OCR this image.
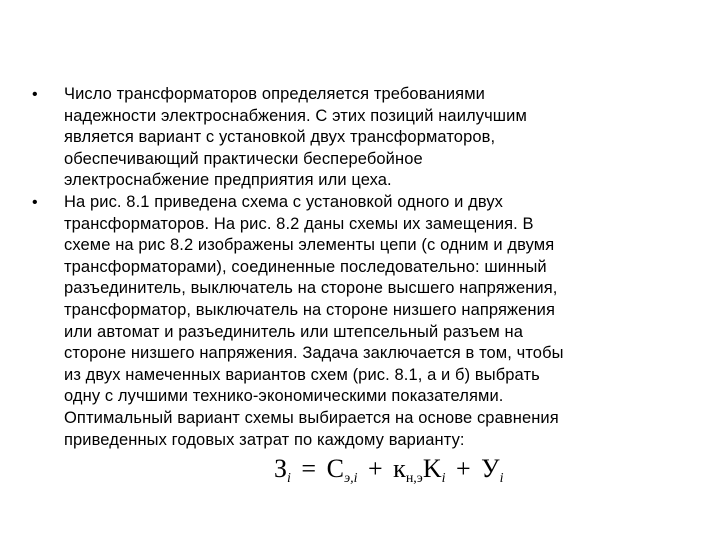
• Число трансформаторов определяется требованиями
надежности электроснабжения. С этих позиций наилучшим
является вариант с установкой двух трансформаторов,
обеспечивающий практически бесперебойное
электроснабжение предприятия или цеха.
• На рис. 8.1 приведена схема с установкой одного и двух
трансформаторов. На рис. 8.2 даны схемы их замещения. В
схеме на рис 8.2 изображены элементы цепи (с одним и двумя
трансформаторами), соединенные последовательно: шинный
разъединитель, выключатель на стороне высшего напряжения,
трансформатор, выключатель на стороне низшего напряжения
или автомат и разъединитель или штепсельный разъем на
стороне низшего напряжения. Задача заключается в том, чтобы
из двух намеченных вариантов схем (рис. 8.1, а и б) выбрать
одну с лучшими технико-экономическими показателями.
Оптимальный вариант схемы выбирается на основе сравнения
приведенных годовых затрат по каждому варианту:
$З_i = С_{э,i} + к_{н,э}K_i + У_i$
